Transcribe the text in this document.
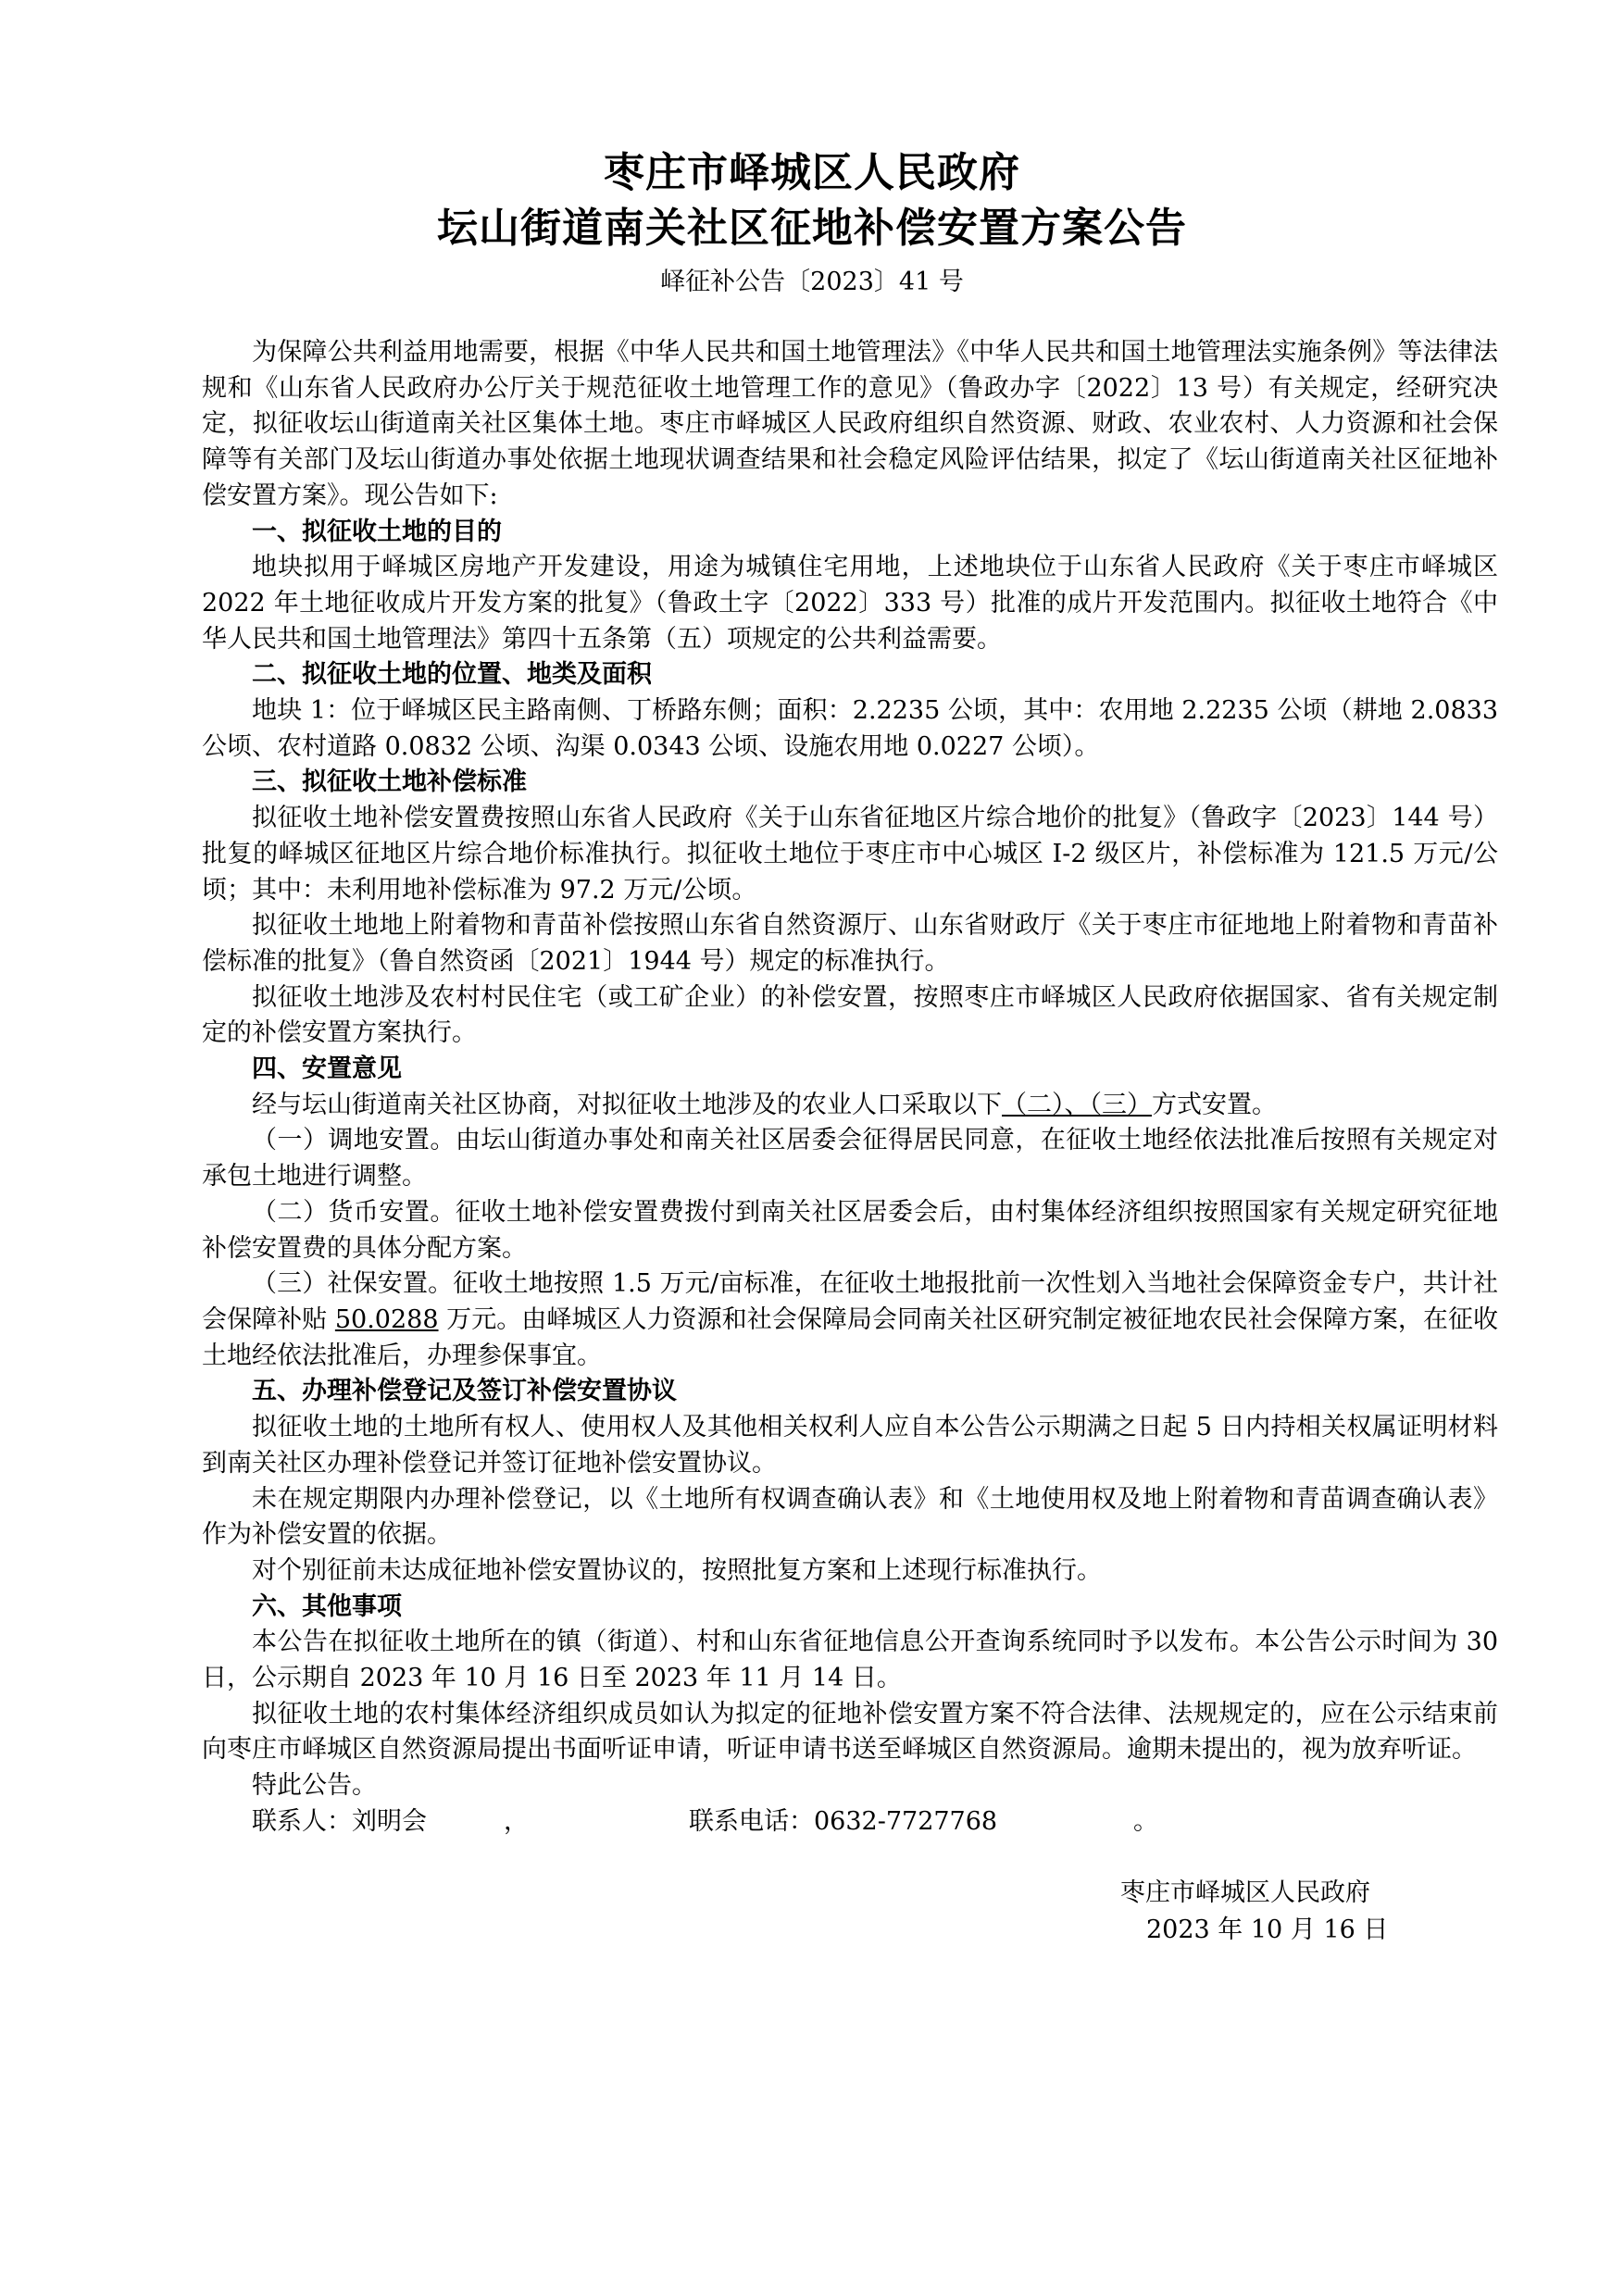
枣庄市峄城区人民政府
坛山街道南关社区征地补偿安置方案公告
峄征补公告〔2023〕41 号

为保障公共利益用地需要，根据《中华人民共和国土地管理法》《中华人民共和国土地管理法实施条例》等法律法规和《山东省人民政府办公厅关于规范征收土地管理工作的意见》（鲁政办字〔2022〕13 号）有关规定，经研究决定，拟征收坛山街道南关社区集体土地。枣庄市峄城区人民政府组织自然资源、财政、农业农村、人力资源和社会保障等有关部门及坛山街道办事处依据土地现状调查结果和社会稳定风险评估结果，拟定了《坛山街道南关社区征地补偿安置方案》。现公告如下:

一、拟征收土地的目的

地块拟用于峄城区房地产开发建设，用途为城镇住宅用地，上述地块位于山东省人民政府《关于枣庄市峄城区 2022 年土地征收成片开发方案的批复》（鲁政土字〔2022〕333 号）批准的成片开发范围内。拟征收土地符合《中华人民共和国土地管理法》第四十五条第（五）项规定的公共利益需要。

二、拟征收土地的位置、地类及面积

地块 1：位于峄城区民主路南侧、丁桥路东侧；面积：2.2235 公顷，其中：农用地 2.2235 公顷（耕地 2.0833 公顷、农村道路 0.0832 公顷、沟渠 0.0343 公顷、设施农用地 0.0227 公顷）。

三、拟征收土地补偿标准

拟征收土地补偿安置费按照山东省人民政府《关于山东省征地区片综合地价的批复》（鲁政字〔2023〕144 号）批复的峄城区征地区片综合地价标准执行。拟征收土地位于枣庄市中心城区 I-2 级区片，补偿标准为 121.5 万元/公顷；其中：未利用地补偿标准为 97.2 万元/公顷。

拟征收土地地上附着物和青苗补偿按照山东省自然资源厅、山东省财政厅《关于枣庄市征地地上附着物和青苗补偿标准的批复》（鲁自然资函〔2021〕1944 号）规定的标准执行。

拟征收土地涉及农村村民住宅（或工矿企业）的补偿安置，按照枣庄市峄城区人民政府依据国家、省有关规定制定的补偿安置方案执行。

四、安置意见

经与坛山街道南关社区协商，对拟征收土地涉及的农业人口采取以下（二）、（三）方式安置。

（一）调地安置。由坛山街道办事处和南关社区居委会征得居民同意，在征收土地经依法批准后按照有关规定对承包土地进行调整。

（二）货币安置。征收土地补偿安置费拨付到南关社区居委会后，由村集体经济组织按照国家有关规定研究征地补偿安置费的具体分配方案。

（三）社保安置。征收土地按照 1.5 万元/亩标准，在征收土地报批前一次性划入当地社会保障资金专户，共计社会保障补贴 50.0288 万元。由峄城区人力资源和社会保障局会同南关社区研究制定被征地农民社会保障方案，在征收土地经依法批准后，办理参保事宜。

五、办理补偿登记及签订补偿安置协议

拟征收土地的土地所有权人、使用权人及其他相关权利人应自本公告公示期满之日起 5 日内持相关权属证明材料到南关社区办理补偿登记并签订征地补偿安置协议。

未在规定期限内办理补偿登记，以《土地所有权调查确认表》和《土地使用权及地上附着物和青苗调查确认表》作为补偿安置的依据。

对个别征前未达成征地补偿安置协议的，按照批复方案和上述现行标准执行。

六、其他事项

本公告在拟征收土地所在的镇（街道）、村和山东省征地信息公开查询系统同时予以发布。本公告公示时间为 30 日，公示期自 2023 年 10 月 16 日至 2023 年 11 月 14 日。

拟征收土地的农村集体经济组织成员如认为拟定的征地补偿安置方案不符合法律、法规规定的，应在公示结束前向枣庄市峄城区自然资源局提出书面听证申请，听证申请书送至峄城区自然资源局。逾期未提出的，视为放弃听证。

特此公告。

联系人：刘明会	，	联系电话：0632-7727768	。
枣庄市峄城区人民政府
2023 年 10 月 16 日
